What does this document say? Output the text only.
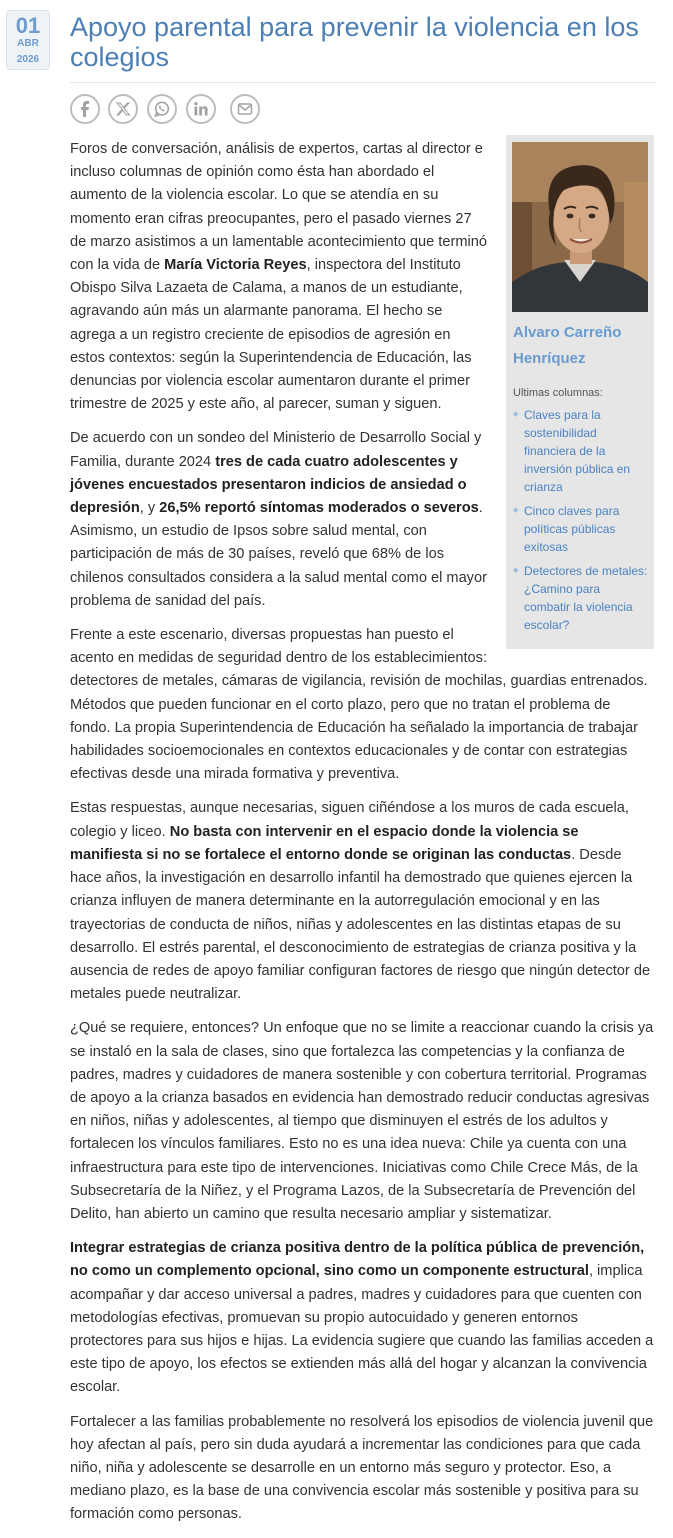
01
ABR
2026
Apoyo parental para prevenir la violencia en los colegios
Alvaro Carreño
Henríquez
Ultimas columnas:
◆ Claves para la sostenibilidad financiera de la inversión pública en crianza
◆ Cinco claves para políticas públicas exitosas
◆ Detectores de metales: ¿Camino para combatir la violencia escolar?

Foros de conversación, análisis de expertos, cartas al director e incluso columnas de opinión como ésta han abordado el aumento de la violencia escolar. Lo que se atendía en su momento eran cifras preocupantes, pero el pasado viernes 27 de marzo asistimos a un lamentable acontecimiento que terminó con la vida de María Victoria Reyes, inspectora del Instituto Obispo Silva Lazaeta de Calama, a manos de un estudiante, agravando aún más un alarmante panorama. El hecho se agrega a un registro creciente de episodios de agresión en estos contextos: según la Superintendencia de Educación, las denuncias por violencia escolar aumentaron durante el primer trimestre de 2025 y este año, al parecer, suman y siguen.

De acuerdo con un sondeo del Ministerio de Desarrollo Social y Familia, durante 2024 tres de cada cuatro adolescentes y jóvenes encuestados presentaron indicios de ansiedad o depresión, y 26,5% reportó síntomas moderados o severos. Asimismo, un estudio de Ipsos sobre salud mental, con participación de más de 30 países, reveló que 68% de los chilenos consultados considera a la salud mental como el mayor problema de sanidad del país.

Frente a este escenario, diversas propuestas han puesto el acento en medidas de seguridad dentro de los establecimientos: detectores de metales, cámaras de vigilancia, revisión de mochilas, guardias entrenados. Métodos que pueden funcionar en el corto plazo, pero que no tratan el problema de fondo. La propia Superintendencia de Educación ha señalado la importancia de trabajar habilidades socioemocionales en contextos educacionales y de contar con estrategias efectivas desde una mirada formativa y preventiva.

Estas respuestas, aunque necesarias, siguen ciñéndose a los muros de cada escuela, colegio y liceo. No basta con intervenir en el espacio donde la violencia se manifiesta si no se fortalece el entorno donde se originan las conductas. Desde hace años, la investigación en desarrollo infantil ha demostrado que quienes ejercen la crianza influyen de manera determinante en la autorregulación emocional y en las trayectorias de conducta de niños, niñas y adolescentes en las distintas etapas de su desarrollo. El estrés parental, el desconocimiento de estrategias de crianza positiva y la ausencia de redes de apoyo familiar configuran factores de riesgo que ningún detector de metales puede neutralizar.

¿Qué se requiere, entonces? Un enfoque que no se limite a reaccionar cuando la crisis ya se instaló en la sala de clases, sino que fortalezca las competencias y la confianza de padres, madres y cuidadores de manera sostenible y con cobertura territorial. Programas de apoyo a la crianza basados en evidencia han demostrado reducir conductas agresivas en niños, niñas y adolescentes, al tiempo que disminuyen el estrés de los adultos y fortalecen los vínculos familiares. Esto no es una idea nueva: Chile ya cuenta con una infraestructura para este tipo de intervenciones. Iniciativas como Chile Crece Más, de la Subsecretaría de la Niñez, y el Programa Lazos, de la Subsecretaría de Prevención del Delito, han abierto un camino que resulta necesario ampliar y sistematizar.

Integrar estrategias de crianza positiva dentro de la política pública de prevención, no como un complemento opcional, sino como un componente estructural, implica acompañar y dar acceso universal a padres, madres y cuidadores para que cuenten con metodologías efectivas, promuevan su propio autocuidado y generen entornos protectores para sus hijos e hijas. La evidencia sugiere que cuando las familias acceden a este tipo de apoyo, los efectos se extienden más allá del hogar y alcanzan la convivencia escolar.

Fortalecer a las familias probablemente no resolverá los episodios de violencia juvenil que hoy afectan al país, pero sin duda ayudará a incrementar las condiciones para que cada niño, niña y adolescente se desarrolle en un entorno más seguro y protector. Eso, a mediano plazo, es la base de una convivencia escolar más sostenible y positiva para su formación como personas.
